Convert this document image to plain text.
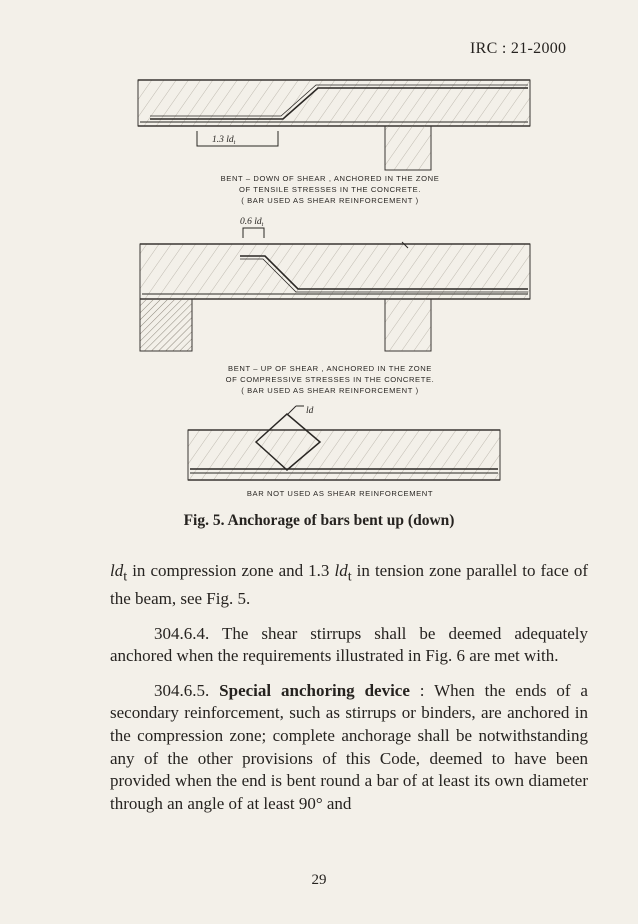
IRC : 21-2000
1.3 $ld_t$
0.6 $ld_t$
ld
BENT – DOWN OF SHEAR , ANCHORED IN THE ZONE
OF TENSILE STRESSES IN THE CONCRETE.
( BAR USED AS SHEAR REINFORCEMENT )
BENT – UP OF SHEAR , ANCHORED IN THE ZONE
OF COMPRESSIVE STRESSES IN THE CONCRETE.
( BAR USED AS SHEAR REINFORCEMENT )
BAR NOT USED AS SHEAR REINFORCEMENT
Fig. 5. Anchorage of bars bent up (down)

$ld_t$ in compression zone and 1.3 $ld_t$ in tension zone parallel to face of the beam, see Fig. 5.

304.6.4. The shear stirrups shall be deemed adequately anchored when the requirements illustrated in Fig. 6 are met with.

304.6.5. Special anchoring device : When the ends of a secondary reinforcement, such as stirrups or binders, are anchored in the compression zone; complete anchorage shall be notwithstanding any of the other provisions of this Code, deemed to have been provided when the end is bent round a bar of at least its own diameter through an angle of at least 90° and

29
